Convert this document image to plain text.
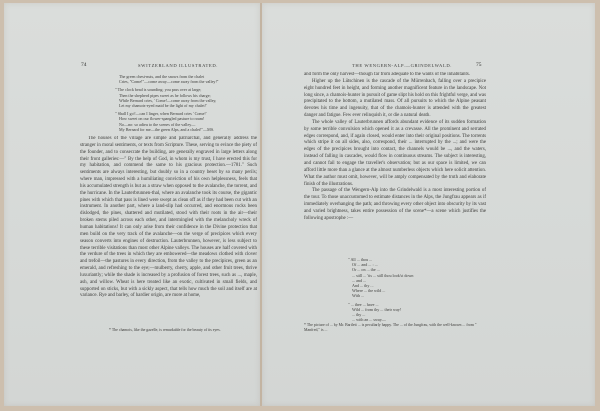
74	SWITZERLAND ILLUSTRATED.
The green chest-nuts, and the snows from the chalet
Cries, "Come!"—come away—come away from the valley!"
" The clock bead is sounding; you pass over at large;
Then the shepherd pipes sweet as he follows his charge;
While Bernard cries, ' Come!—come away from the valley,
Let my chamois-eyed maid be the light of my chalet!'
" Shall I go?—can I linger, when Bernard cries ' Come!'
How sweet on our flower-spangled pasture to roam!
No—no: so adieu to the scenes of the valley—
My Bernard for me—the green Alps, and a chalet!"—MS.

The houses of the village are simple and patriarchal, and generally address the stranger in moral sentiments, or texts from Scripture. These, serving to evince the piety of the founder, and to consecrate the building, are generally engraved in large letters along their front galleries:—" By the help of God, in whom is my trust, I have erected this for my habitation, and commend the same to his gracious protection.—1781." Such sentiments are always interesting, but doubly so in a country beset by so many perils; where man, impressed with a humiliating conviction of his own helplessness, feels that his accumulated strength is but as a straw when opposed to the avalanche, the torrent, and the hurricane. In the Lauterbrunnen-thal, where an avalanche took its course, the gigantic pines with which that pass is lined were swept as clean off as if they had been cut with an instrument. In another part, where a land-slip had occurred, and enormous rocks been dislodged, the pines, shattered and mutilated, stood with their roots in the air—their broken stems piled across each other, and intermingled with the melancholy wreck of human habitations! It can only arise from their confidence in the Divine protection that men build on the very track of the avalanche—on the verge of precipices which every season converts into engines of destruction. Lauterbrunnen, however, is less subject to these terrible visitations than most other Alpine valleys. The houses are half covered with the verdure of the trees in which they are embowered—the meadows clothed with clover and trefoil—the pastures in every direction, from the valley to the precipices, green as an emerald, and refreshing to the eye;—mulberry, cherry, apple, and other fruit trees, thrive luxuriantly; while the shade is increased by a profusion of forest trees, such as ..., maple, ash, and willow. Wheat is here treated like an exotic, cultivated in small fields, and supported on sticks, but with a sickly aspect, that tells how much the soil and itself are at variance. Rye and barley, of hardier origin, are more at home,

* The chamois, like the gazelle, is remarkable for the beauty of its eyes.
THE WENGERN-ALP.—GRINDELWALD.	75

and form the only harvest—though far from adequate to the wants of the inhabitants.

Higher up the Lütschinen is the cascade of the Mürrenbach, falling over a precipice eight hundred feet in height, and forming another magnificent feature in the landscape. Not long since, a chamois-hunter in pursuit of game slipt his hold on this frightful verge, and was precipitated to the bottom, a mutilated mass. Of all pursuits to which the Alpine peasant devotes his time and ingenuity, that of the chamois-hunter is attended with the greatest danger and fatigue. Few ever relinquish it, or die a natural death.

The whole valley of Lauterbrunnen affords abundant evidence of its sudden formation by some terrible convulsion which opened it as a crevasse. All the prominent and serrated edges correspond, and, if again closed, would enter into their original positions. The torrents which stripe it on all sides, also, correspond, their ... interrupted by the ...; and were the edges of the precipices brought into contact, the channels would be ..., and the waters, instead of falling in cascades, would flow in continuous streams. The subject is interesting, and cannot fail to engage the traveller's observation; but as our space is limited, we can afford little more than a glance at the almost numberless objects which here solicit attention. What the author must omit, however, will be amply compensated by the truth and elaborate finish of the illustrations.

The passage of the Wengern-Alp into the Grindelwald is a most interesting portion of the tour. To those unaccustomed to estimate distances in the Alps, the Jungfrau appears as if immediately overhanging the path; and throwing every other object into obscurity by its vast and varied brightness, takes entire possession of the scene*—a scene which justifies the following apostrophe :—

" All ... thou ...
Of ... and ... : ...
Or ... on ... the ...
... still ... 'tis ... still thou look'st down
... and ...
And ... thy ...
Where ... the wild ...
With ...
" ... thee ... have ...
Wild ... from thy ... their way!
... thy ...
... with an ... sway—
* The picture of ... by Mr. Bartlett ... is peculiarly happy. The ... of the Jungfrau, with the well-known ... from " Manfred," is ...
